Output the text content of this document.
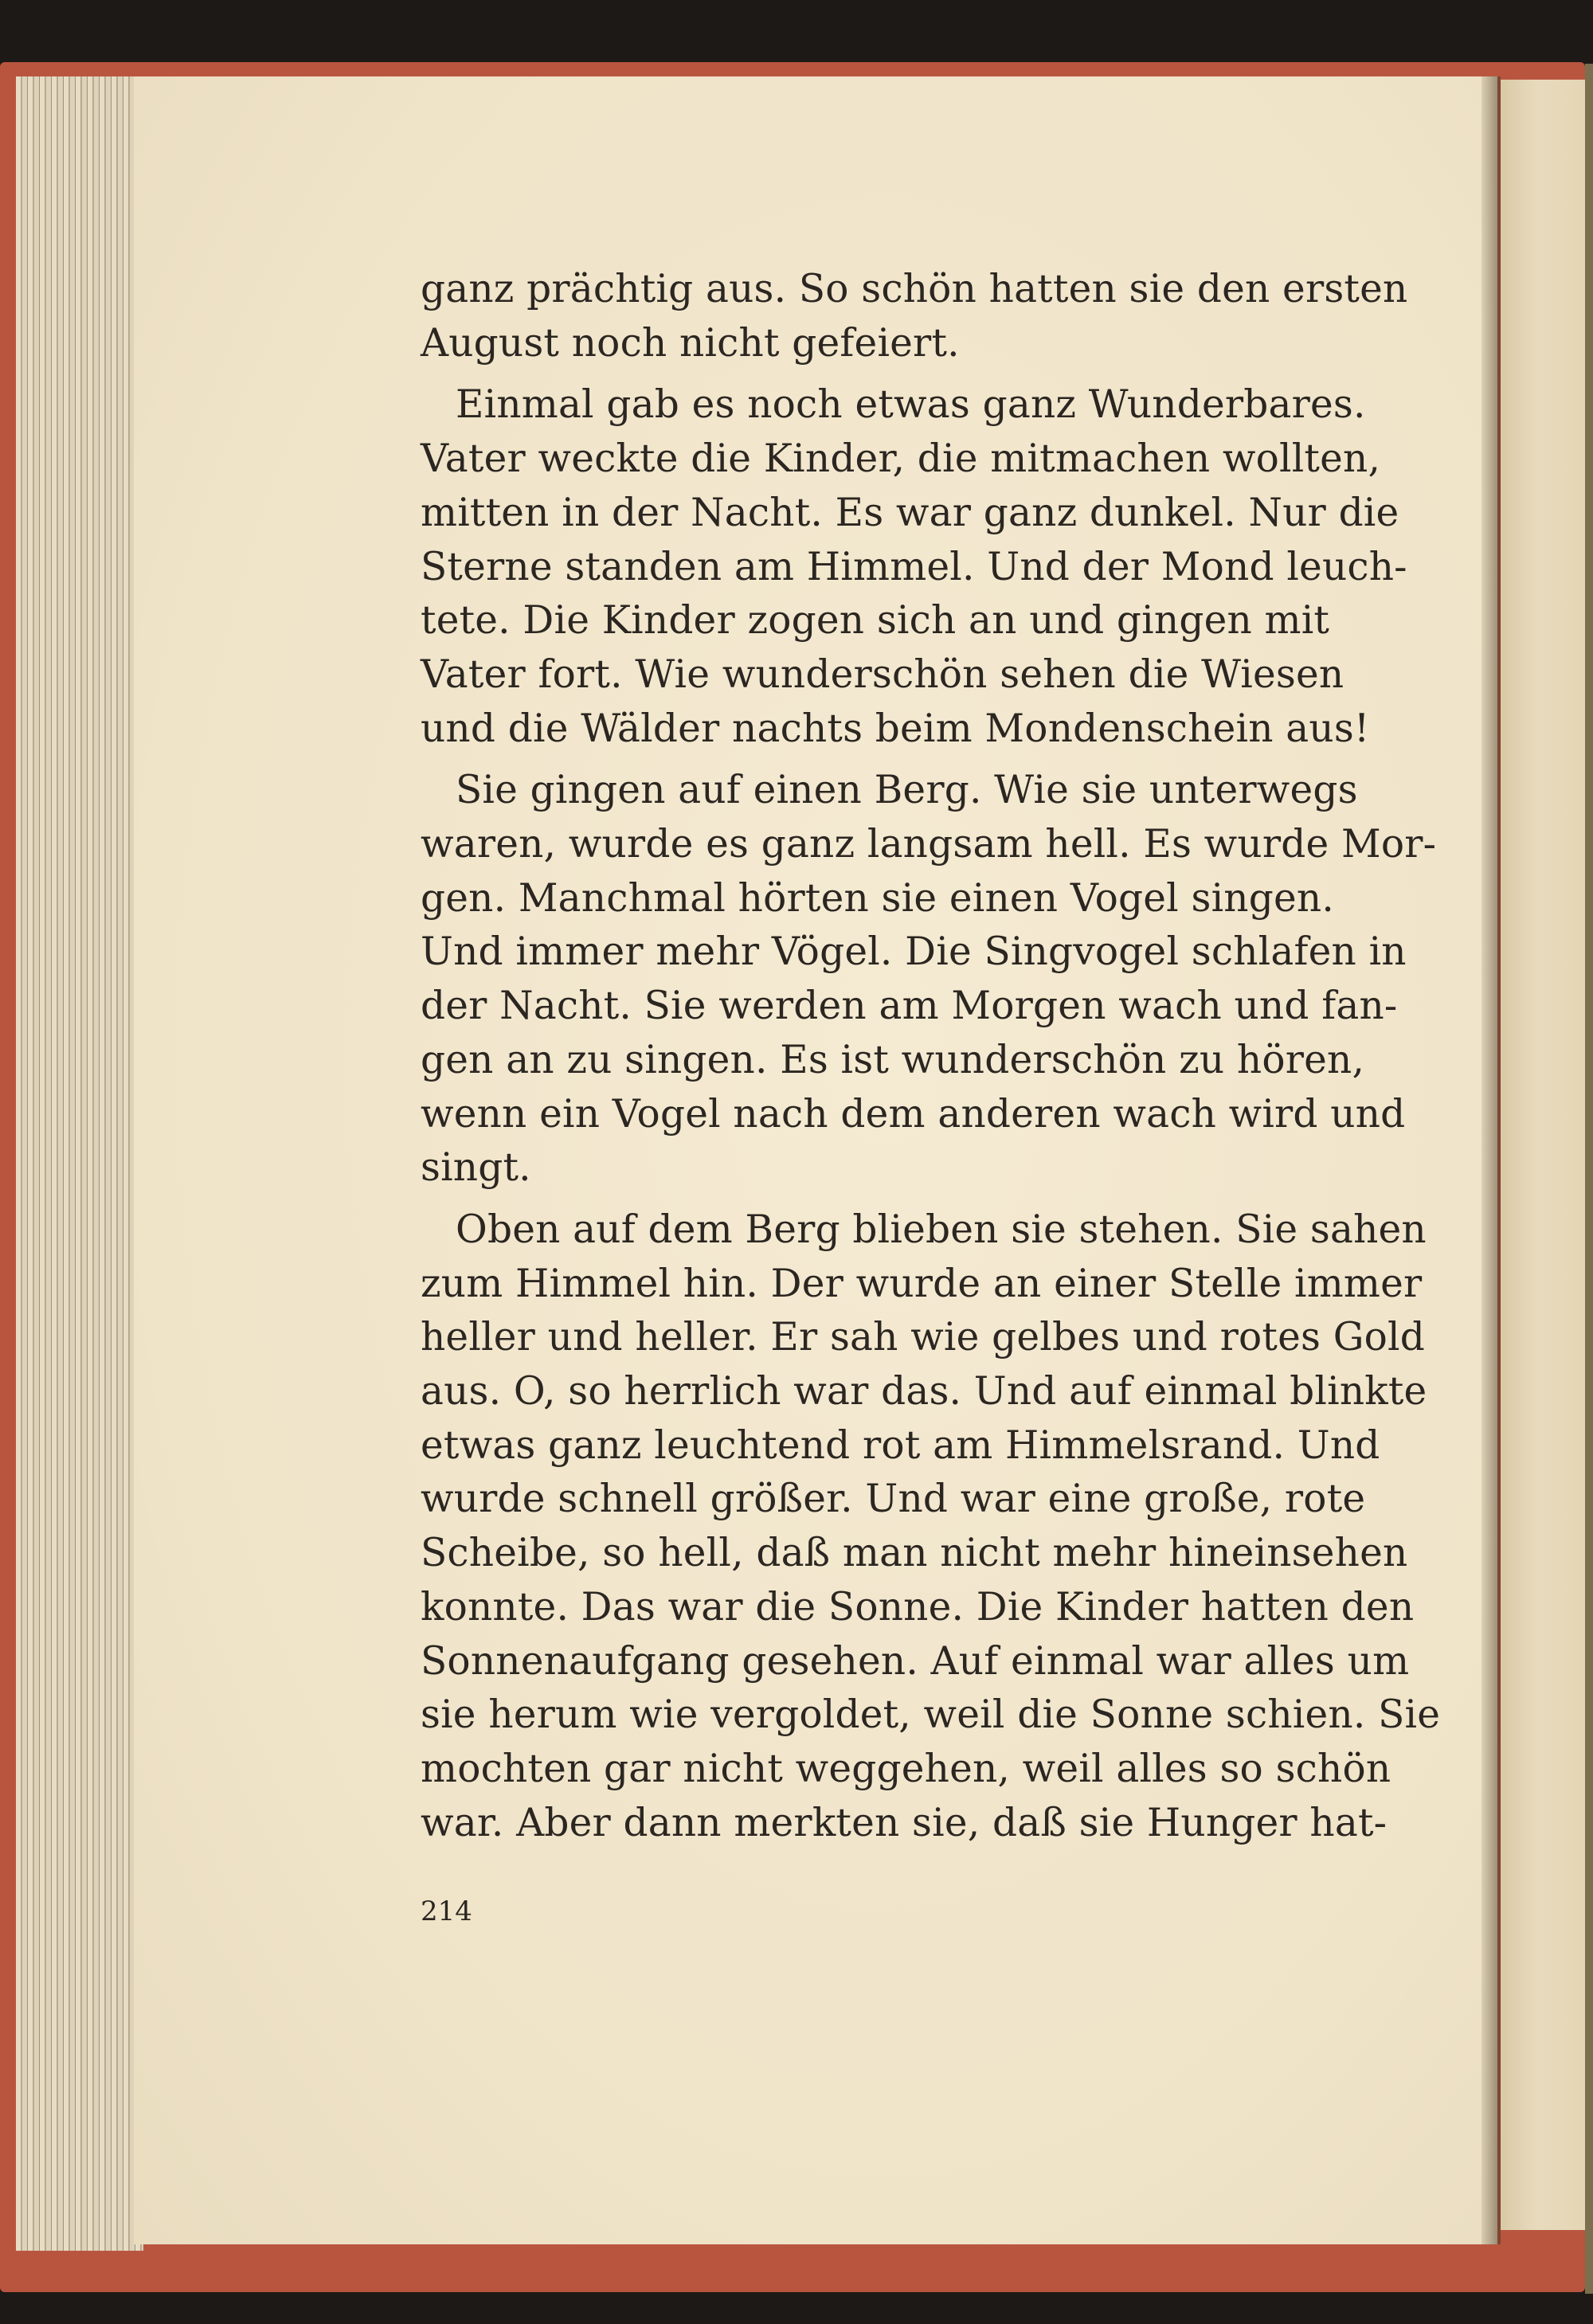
ganz prächtig aus. So schön hatten sie den ersten
August noch nicht gefeiert.

Einmal gab es noch etwas ganz Wunderbares.
Vater weckte die Kinder, die mitmachen wollten,
mitten in der Nacht. Es war ganz dunkel. Nur die
Sterne standen am Himmel. Und der Mond leuch-
tete. Die Kinder zogen sich an und gingen mit
Vater fort. Wie wunderschön sehen die Wiesen
und die Wälder nachts beim Mondenschein aus!

Sie gingen auf einen Berg. Wie sie unterwegs
waren, wurde es ganz langsam hell. Es wurde Mor-
gen. Manchmal hörten sie einen Vogel singen.
Und immer mehr Vögel. Die Singvogel schlafen in
der Nacht. Sie werden am Morgen wach und fan-
gen an zu singen. Es ist wunderschön zu hören,
wenn ein Vogel nach dem anderen wach wird und
singt.

Oben auf dem Berg blieben sie stehen. Sie sahen
zum Himmel hin. Der wurde an einer Stelle immer
heller und heller. Er sah wie gelbes und rotes Gold
aus. O, so herrlich war das. Und auf einmal blinkte
etwas ganz leuchtend rot am Himmelsrand. Und
wurde schnell größer. Und war eine große, rote
Scheibe, so hell, daß man nicht mehr hineinsehen
konnte. Das war die Sonne. Die Kinder hatten den
Sonnenaufgang gesehen. Auf einmal war alles um
sie herum wie vergoldet, weil die Sonne schien. Sie
mochten gar nicht weggehen, weil alles so schön
war. Aber dann merkten sie, daß sie Hunger hat-

214
